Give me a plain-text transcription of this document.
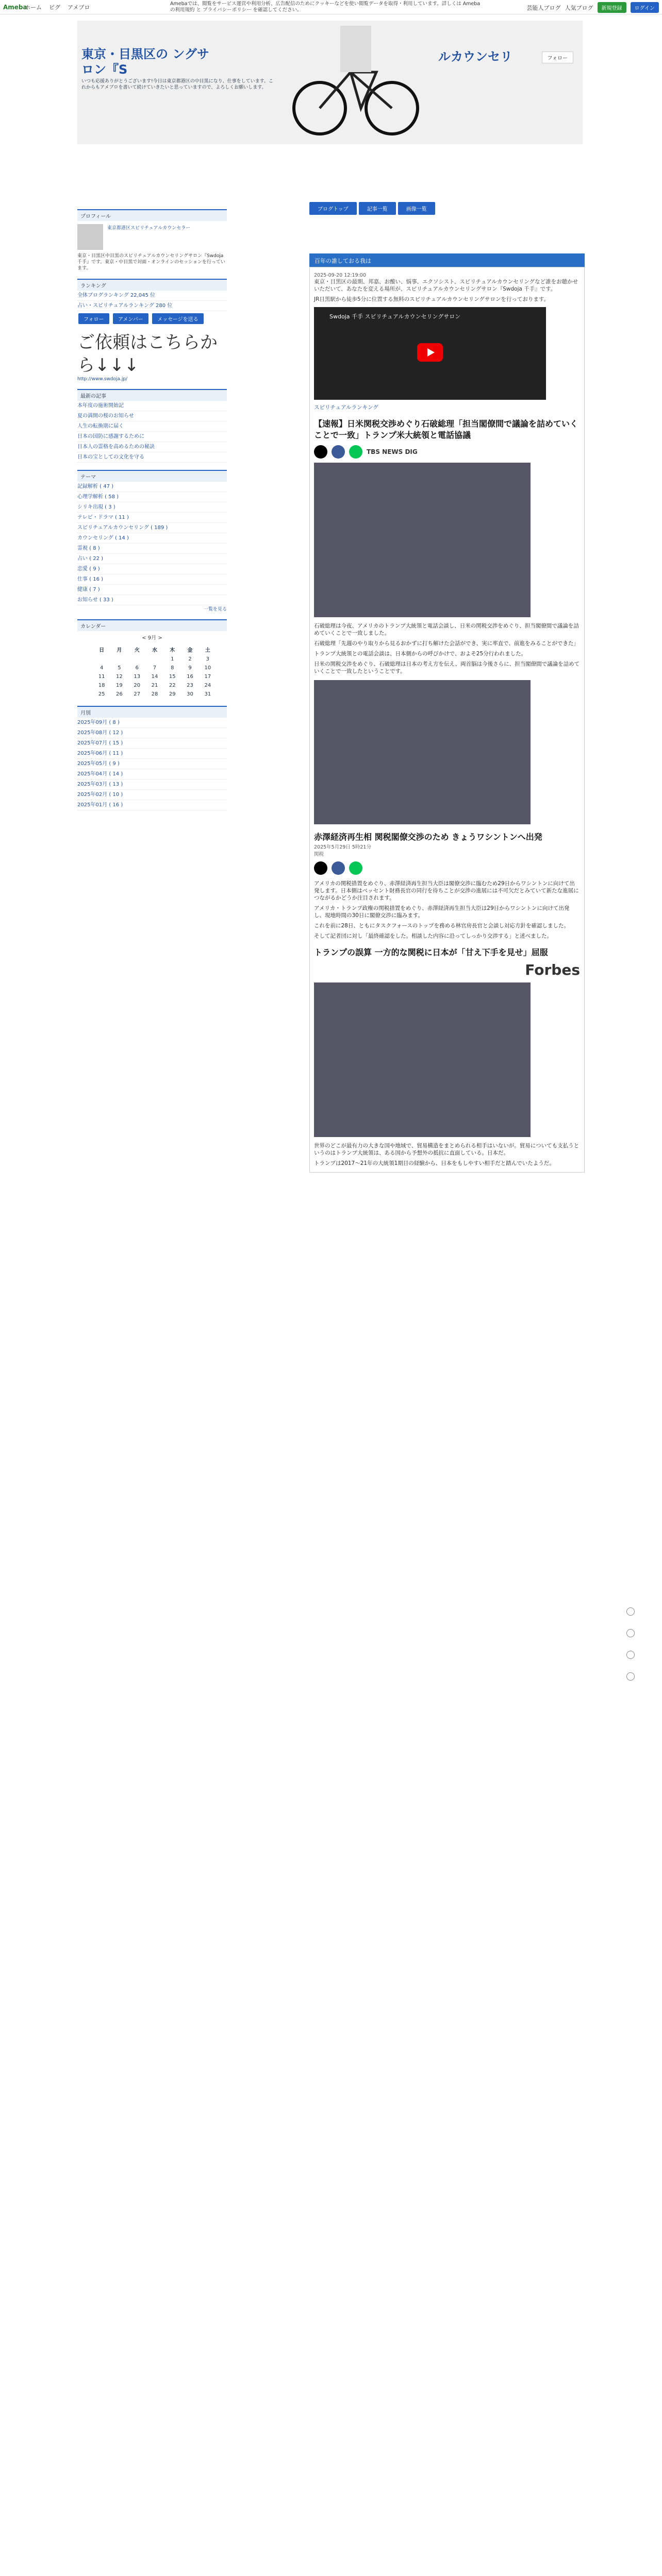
Ameba
ホーム ピグ アメブロ	Amebaでは、閲覧をサービス運営や利用分析、広告配信のためにクッキーなどを使い閲覧データを取得・利用しています。詳しくは Amebaの利用規約 と プライバシーポリシー を確認してください。	芸能人ブログ 人気ブログ	新規登録	ログイン
東京・目黒区の ングサロン『S
ルカウンセリ
いつも応援ありがとうございます!今日は東京都港区の中目黒になり、仕事をしています。これからもアメブロを書いて続けていきたいと思っていますので、よろしくお願いします。
フォロー
ブログトップ	記事一覧	画像一覧
プロフィール
東京都港区スピリチュアルカウンセラー
東京・目黒区中目黒のスピリチュアルカウンセリングサロン『Swdoja 千手』です。東京・中目黒で対面・オンラインのセッションを行っています。
ランキング
全体ブログランキング 22,045 位
占い・スピリチュアルランキング 280 位
フォロー	アメンバー	メッセージを送る
ご依頼はこちらから↓↓↓
http://www.swdoja.jp/
最新の記事
本年度の施術開始記
夏の満開の桜のお知らせ
人生の転換期に届く
日本の国防に感謝するために
日本人の霊格を高めるための秘訣
日本の宝としての文化を守る
テーマ
記録解析 ( 47 )
心理学解析 ( 58 )
シリキ出現 ( 3 )
テレビ・ドラマ ( 11 )
スピリチュアルカウンセリング ( 189 )
カウンセリング ( 14 )
霊視 ( 8 )
占い ( 22 )
恋愛 ( 9 )
仕事 ( 16 )
健康 ( 7 )
お知らせ ( 33 )
一覧を見る
カレンダー
< 9月 >
日	月	火	水	木	金	土
				1	2	3
4	5	6	7	8	9	10
11	12	13	14	15	16	17
18	19	20	21	22	23	24
25	26	27	28	29	30	31
月別
2025年09月 ( 8 )
2025年08月 ( 12 )
2025年07月 ( 15 )
2025年06月 ( 11 )
2025年05月 ( 9 )
2025年04月 ( 14 )
2025年03月 ( 13 )
2025年02月 ( 10 )
2025年01月 ( 16 )
百年の誰しておる我は
2025-09-20 12:19:00

東京・目黒区の最期、邦嘉、お酸い、悩事、エクソシスト、スピリチュアルカウンセリングなど誰をお聴かせいただいて、あなたを変える場所が、スピリチュアルカウンセリングサロン『Swdoja 千手』です。

JR目黒駅から徒歩5分に位置する無料のスピリチュアルカウンセリングサロンを行っております。

Swdoja 千手 スピリチュアルカウンセリングサロン

スピリチュアルランキング

【速報】日米関税交渉めぐり石破総理「担当閣僚間で議論を詰めていくことで一致」トランプ米大統領と電話協議
TBS NEWS DIG

石破総理は今夜、アメリカのトランプ大統領と電話会談し、日米の関税交渉をめぐり、担当閣僚間で議論を詰めていくことで一致しました。

石破総理「先週のやり取りから見るおかずに打ち解けた会話ができ、実に率直で、前進をみることができた」

トランプ大統領との電話会談は、日本側からの呼びかけで、およそ25分行われました。

日米の関税交渉をめぐり、石破総理は日本の考え方を伝え、両首脳は今後さらに、担当閣僚間で議論を詰めていくことで一致したということです。

赤澤経済再生相 関税閣僚交渉のため きょうワシントンへ出発
2025年5月29日 5時21分
関税

アメリカの関税措置をめぐり、赤澤経済再生担当大臣は閣僚交渉に臨むため29日からワシントンに向けて出発します。日本側はベッセント財務長官の同行を待ちことが交渉の進展には不可欠だとみていて新たな進展につながるかどうか注目されます。

アメリカ・トランプ政権の関税措置をめぐり、赤澤経済再生担当大臣は29日からワシントンに向けて出発し、現地時間の30日に閣僚交渉に臨みます。

これを前に28日、ともにタスクフォースのトップを務める林官房長官と会談し対応方針を確認しました。

そして記者団に対し「最終確認をした。相談した内容に沿ってしっかり交渉する」と述べました。

トランプの誤算 一方的な関税に日本が「甘え下手を見せ」屈服
Forbes

世界のどこが最有力の大きな国や地域で、貿易構造をまとめられる相手はいないが。貿易についても支払うというのはトランプ大統領は、ある国から予想外の抵抗に直面している。日本だ。

トランプは2017〜21年の大統領1期目の経験から、日本をもしやすい相手だと踏んでいたようだ。
